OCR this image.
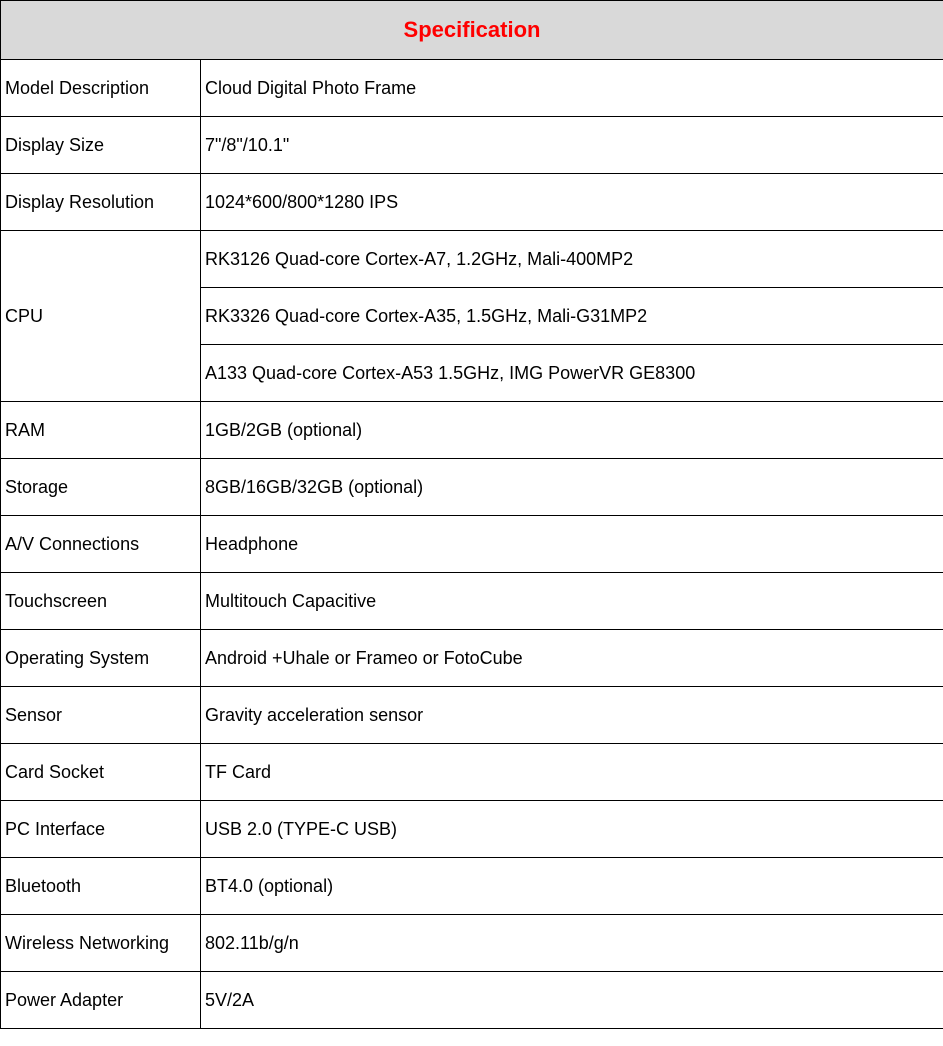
Specification	
Model Description	Cloud Digital Photo Frame
Display Size	7"/8"/10.1"
Display Resolution	1024*600/800*1280 IPS
CPU	RK3126 Quad-core Cortex-A7, 1.2GHz, Mali-400MP2
	RK3326 Quad-core Cortex-A35, 1.5GHz, Mali-G31MP2
	A133 Quad-core Cortex-A53 1.5GHz, IMG PowerVR GE8300
RAM	1GB/2GB (optional)
Storage	8GB/16GB/32GB (optional)
A/V Connections	Headphone
Touchscreen	Multitouch Capacitive
Operating System	Android +Uhale or Frameo or FotoCube
Sensor	Gravity acceleration sensor
Card Socket	TF Card
PC Interface	USB 2.0 (TYPE-C USB)
Bluetooth	BT4.0 (optional)
Wireless Networking	802.11b/g/n
Power Adapter	5V/2A
